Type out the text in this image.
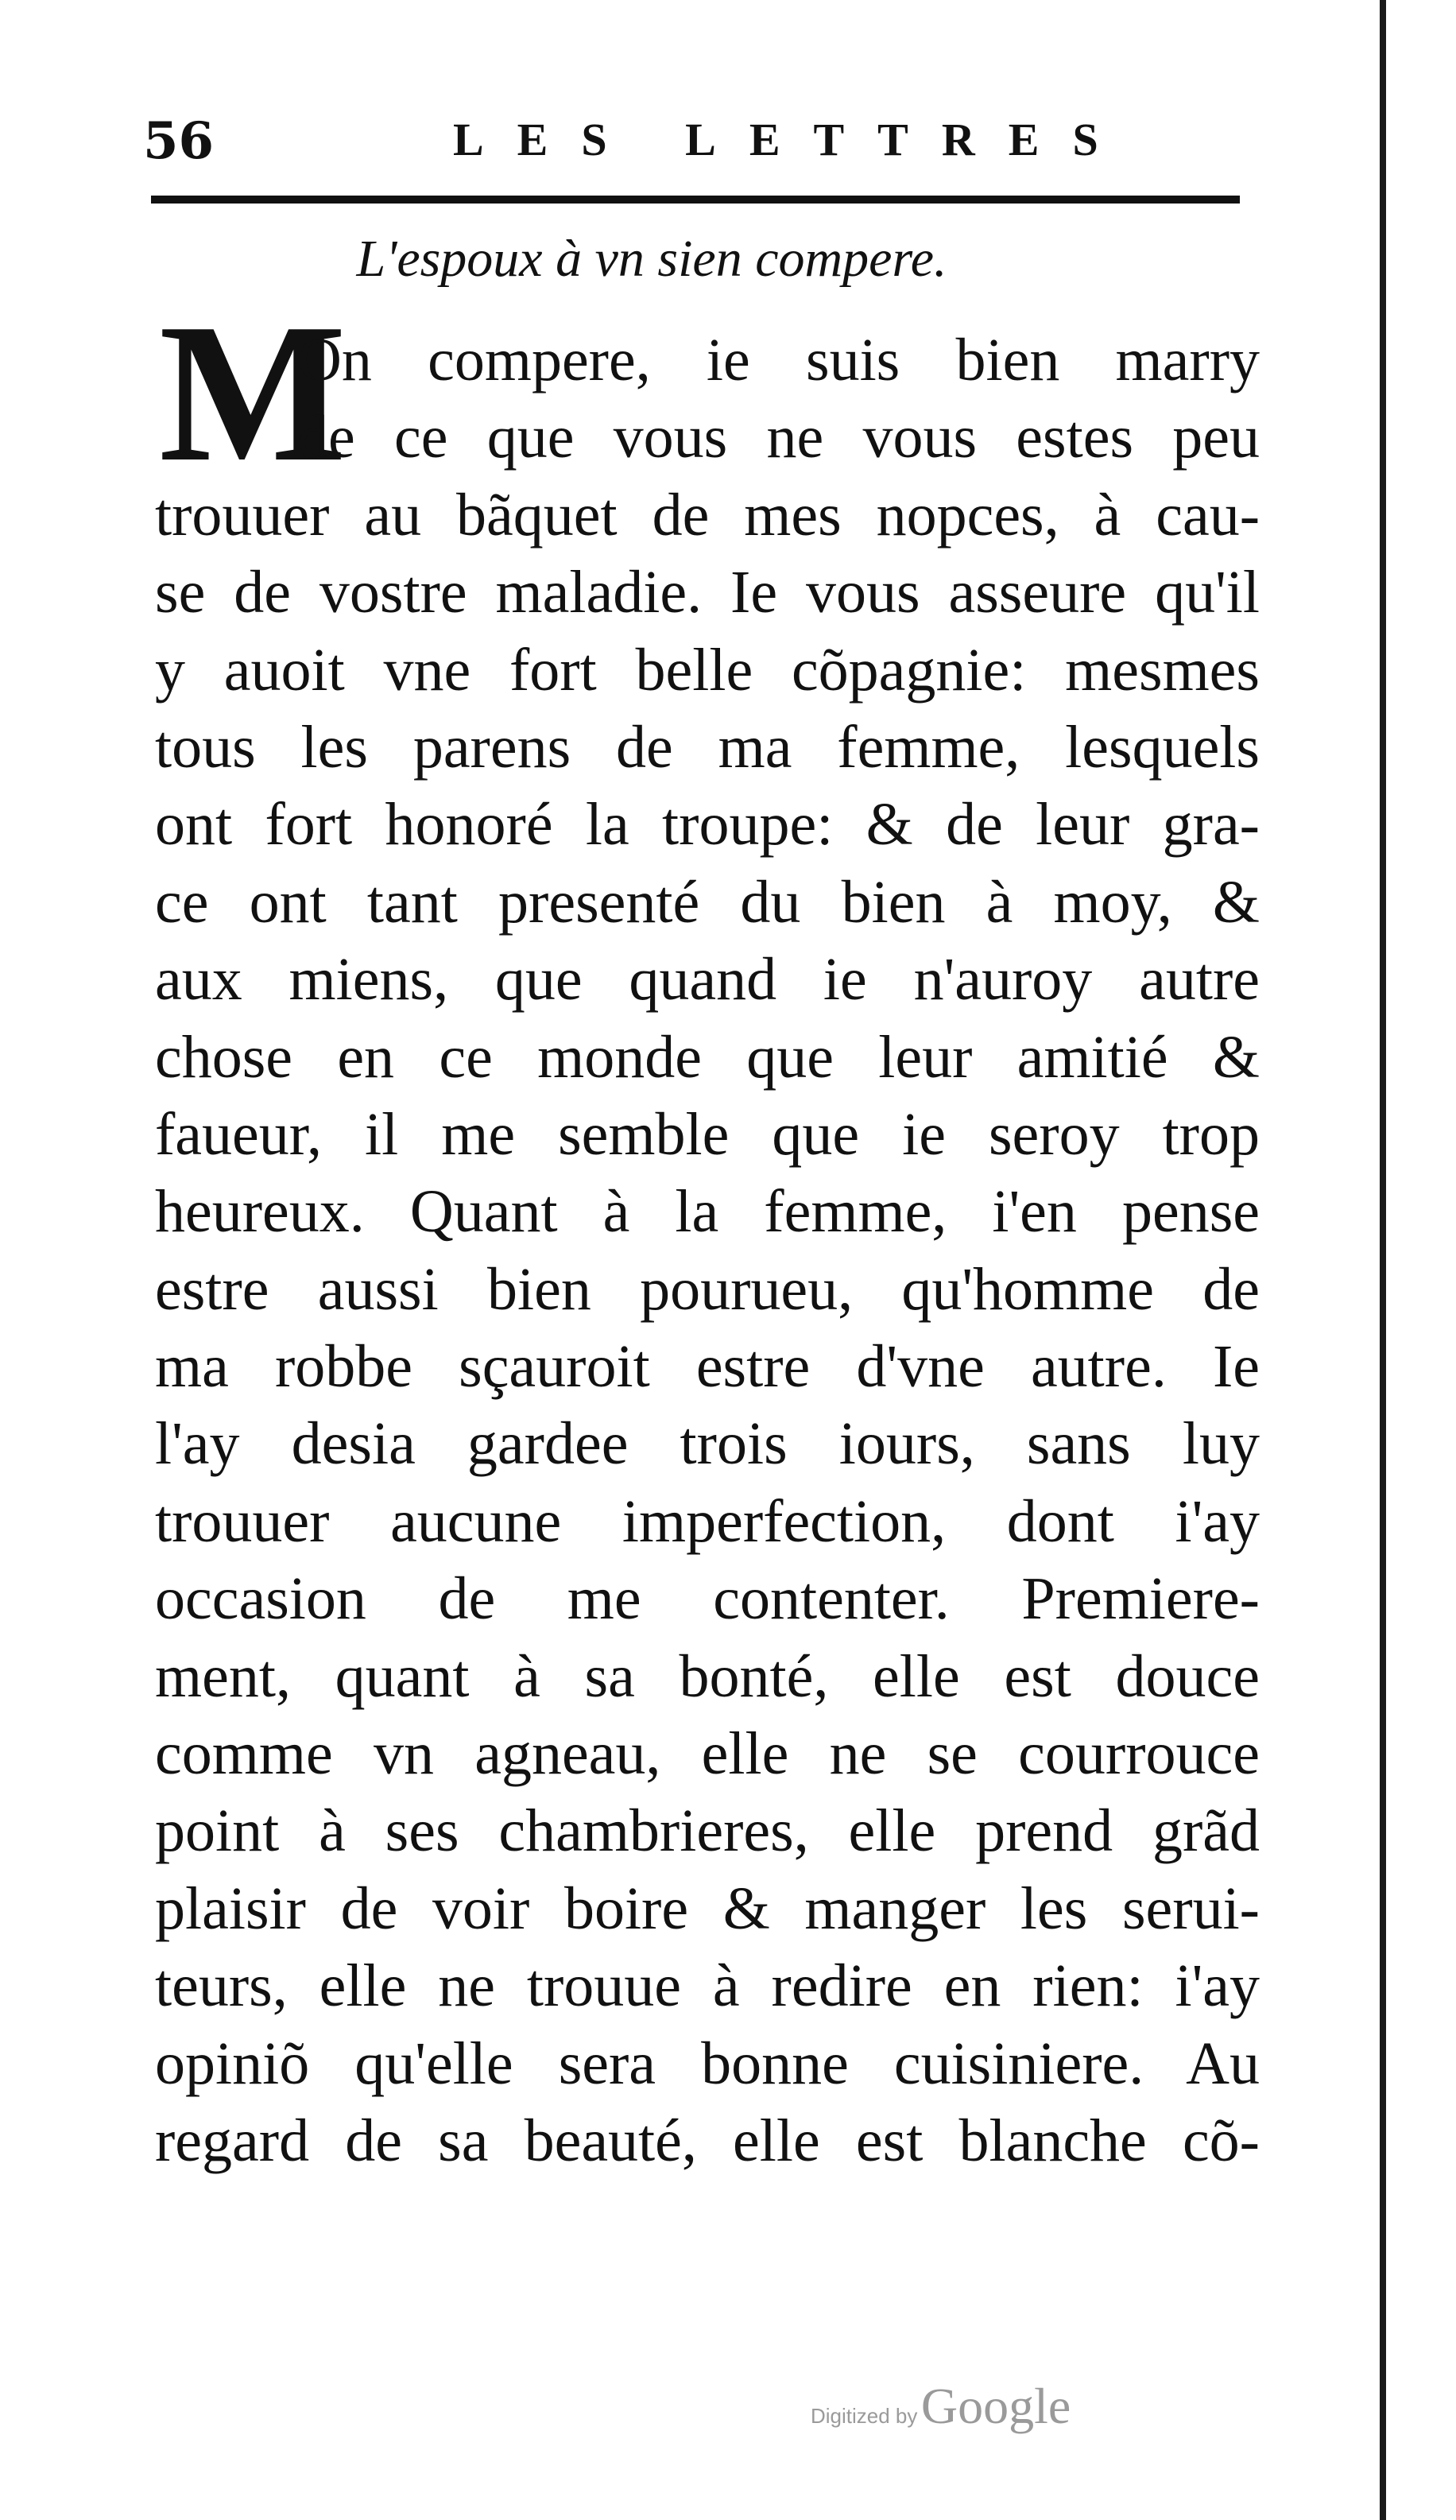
56	LES LETTRES
L'espoux à vn sien compere.
M
On compere, ie suis bien marry
de ce que vous ne vous estes peu
trouuer au bãquet de mes nopces, à cau-
se de vostre maladie. Ie vous asseure qu'il
y auoit vne fort belle cõpagnie: mesmes
tous les parens de ma femme, lesquels
ont fort honoré la troupe: & de leur gra-
ce ont tant presenté du bien à moy, &
aux miens, que quand ie n'auroy autre
chose en ce monde que leur amitié &
faueur, il me semble que ie seroy trop
heureux. Quant à la femme, i'en pense
estre aussi bien pourueu, qu'homme de
ma robbe sçauroit estre d'vne autre. Ie
l'ay desia gardee trois iours, sans luy
trouuer aucune imperfection, dont i'ay
occasion de me contenter. Premiere-
ment, quant à sa bonté, elle est douce
comme vn agneau, elle ne se courrouce
point à ses chambrieres, elle prend grãd
plaisir de voir boire & manger les serui-
teurs, elle ne trouue à redire en rien: i'ay
opiniõ qu'elle sera bonne cuisiniere. Au
regard de sa beauté, elle est blanche cõ-
Digitized by Google
